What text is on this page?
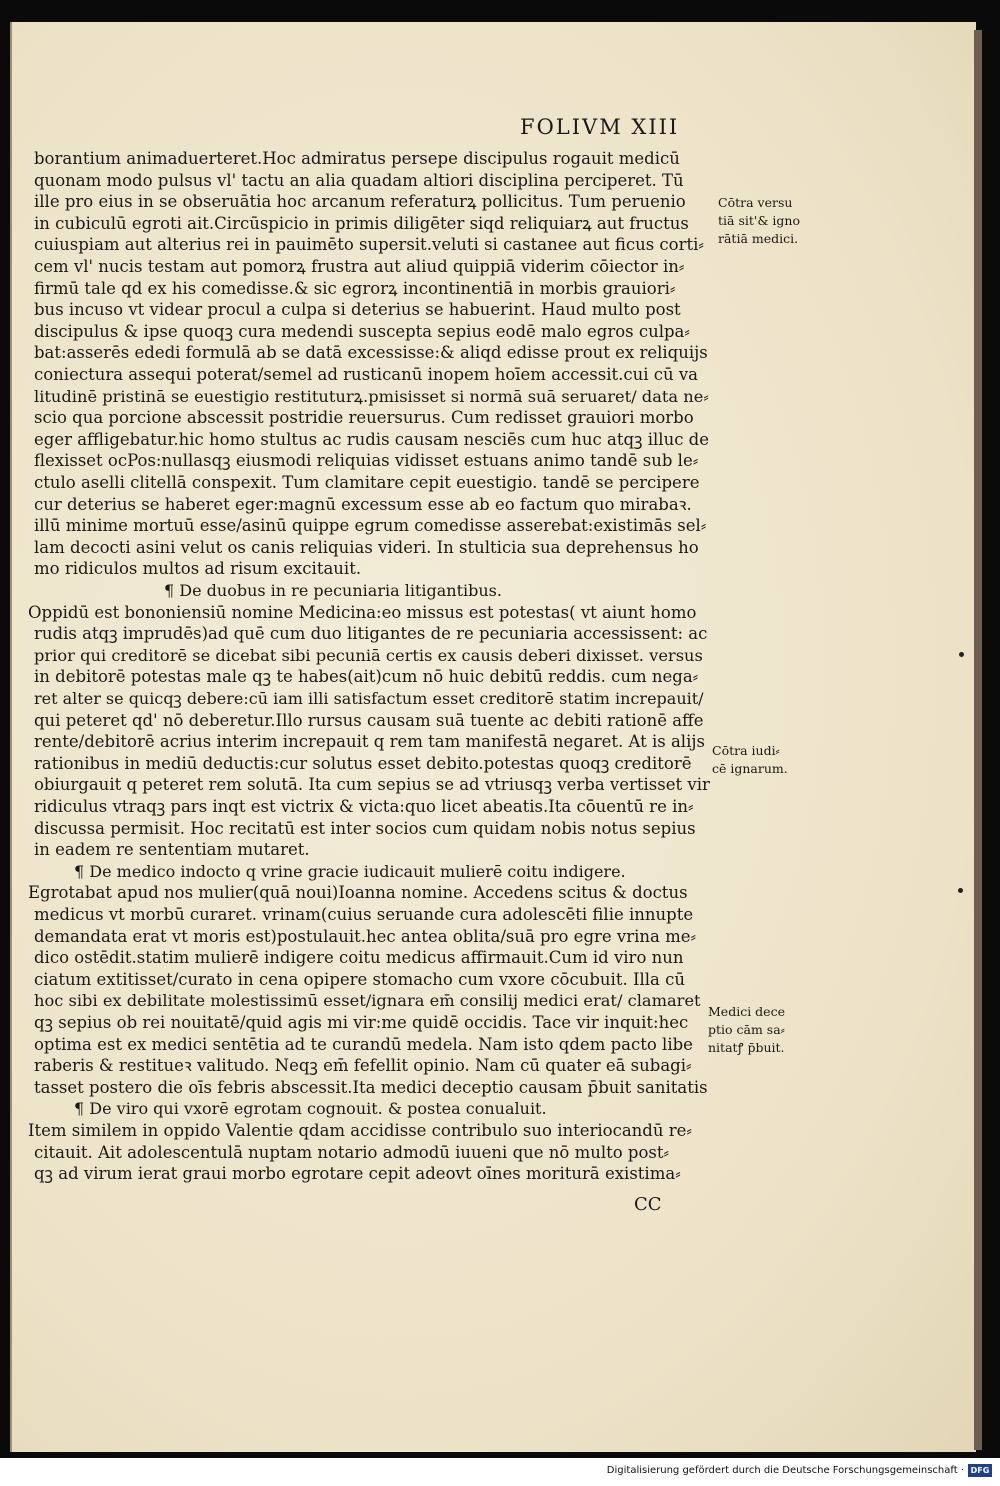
FOLIVM XIII
borantium animaduerteret.Hoc admiratus persepe discipulus rogauit medicū
quonam modo pulsus vl' tactu an alia quadam altiori disciplina perciperet. Tū
ille pro eius in se obseruātia hoc arcanum referaturꝝ pollicitus. Tum peruenio
in cubiculū egroti ait.Circūspicio in primis diligēter siqd reliquiarꝝ aut fructus
cuiuspiam aut alterius rei in pauimēto supersit.veluti si castanee aut ficus corti⸗
cem vl' nucis testam aut pomorꝝ frustra aut aliud quippiā viderim cōiector in⸗
firmū tale qd ex his comedisse.& sic egrorꝝ incontinentiā in morbis grauiori⸗
bus incuso vt videar procul a culpa si deterius se habuerint. Haud multo post
discipulus & ipse quoqꝫ cura medendi suscepta sepius eodē malo egros culpa⸗
bat:asserēs ededi formulā ab se datā excessisse:& aliqd edisse prout ex reliquijs
coniectura assequi poterat/semel ad rusticanū inopem hoīem accessit.cui cū va
litudinē pristinā se euestigio restituturꝝ.pmisisset si normā suā seruaret/ data ne⸗
scio qua porcione abscessit postridie reuersurus. Cum redisset grauiori morbo
eger affligebatur.hic homo stultus ac rudis causam nesciēs cum huc atqꝫ illuc de
flexisset ocPos:nullasqꝫ eiusmodi reliquias vidisset estuans animo tandē sub le⸗
ctulo aselli clitellā conspexit. Tum clamitare cepit euestigio. tandē se percipere
cur deterius se haberet eger:magnū excessum esse ab eo factum quo mirabaꝛ.
illū minime mortuū esse/asinū quippe egrum comedisse asserebat:existimās sel⸗
lam decocti asini velut os canis reliquias videri. In stulticia sua deprehensus ho
mo ridiculos multos ad risum excitauit.
¶ De duobus in re pecuniaria litigantibus.
Oppidū est bononiensiū nomine Medicina:eo missus est potestas( vt aiunt homo
rudis atqꝫ imprudēs)ad quē cum duo litigantes de re pecuniaria accessissent: ac
prior qui creditorē se dicebat sibi pecuniā certis ex causis deberi dixisset. versus
in debitorē potestas male qꝫ te habes(ait)cum nō huic debitū reddis. cum nega⸗
ret alter se quicqꝫ debere:cū iam illi satisfactum esset creditorē statim increpauit/
qui peteret qd' nō deberetur.Illo rursus causam suā tuente ac debiti rationē affe
rente/debitorē acrius interim increpauit q rem tam manifestā negaret. At is alijs
rationibus in mediū deductis:cur solutus esset debito.potestas quoqꝫ creditorē
obiurgauit q peteret rem solutā. Ita cum sepius se ad vtriusqꝫ verba vertisset vir
ridiculus vtraqꝫ pars inqt est victrix & victa:quo licet abeatis.Ita cōuentū re in⸗
discussa permisit. Hoc recitatū est inter socios cum quidam nobis notus sepius
in eadem re sententiam mutaret.
¶ De medico indocto q vrine gracie iudicauit mulierē coitu indigere.
Egrotabat apud nos mulier(quā noui)Ioanna nomine. Accedens scitus & doctus
medicus vt morbū curaret. vrinam(cuius seruande cura adolescēti filie innupte
demandata erat vt moris est)postulauit.hec antea oblita/suā pro egre vrina me⸗
dico ostēdit.statim mulierē indigere coitu medicus affirmauit.Cum id viro nun
ciatum extitisset/curato in cena opipere stomacho cum vxore cōcubuit. Illa cū
hoc sibi ex debilitate molestissimū esset/ignara em̄ consilij medici erat/ clamaret
qꝫ sepius ob rei nouitatē/quid agis mi vir:me quidē occidis. Tace vir inquit:hec
optima est ex medici sentētia ad te curandū medela. Nam isto qdem pacto libe
raberis & restitueꝛ valitudo. Neqꝫ em̄ fefellit opinio. Nam cū quater eā subagi⸗
tasset postero die oīs febris abscessit.Ita medici deceptio causam p̄buit sanitatis
¶ De viro qui vxorē egrotam cognouit. & postea conualuit.
Item similem in oppido Valentie qdam accidisse contribulo suo interiocandū re⸗
citauit. Ait adolescentulā nuptam notario admodū iuueni que nō multo post⸗
qꝫ ad virum ierat graui morbo egrotare cepit adeovt oīnes moriturā existima⸗
Cōtra versu
tiā sit'& igno
rātiā medici.
Cōtra iudi⸗
cē ignarum.
Medici dece
ptio cām sa⸗
nitatꝭ p̄buit.
CC
Digitalisierung gefördert durch die Deutsche Forschungsgemeinschaft · DFG
